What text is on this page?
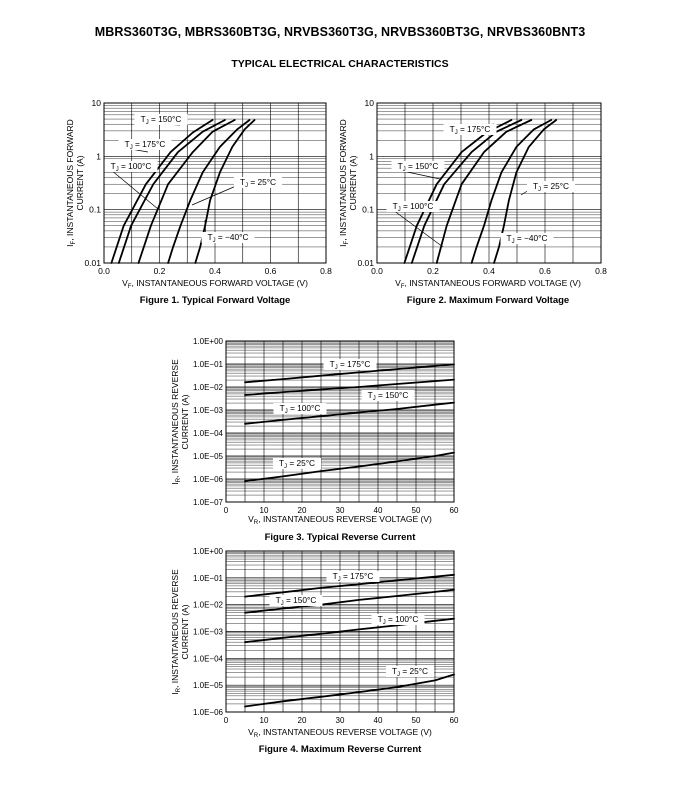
MBRS360T3G, MBRS360BT3G, NRVBS360T3G, NRVBS360BT3G, NRVBS360BNT3
TYPICAL ELECTRICAL CHARACTERISTICS
0.0	0.2	0.4	0.6	0.8
0.01
0.1
1
10
$T_J = 150^\circ C$
$T_J = 175^\circ C$
$T_J = 100^\circ C$
$T_J = 25^\circ C$
$T_J = -40^\circ C$
$V_F$, INSTANTANEOUS FORWARD VOLTAGE (V)
$I_F$, INSTANTANEOUS FORWARD CURRENT (A)
Figure 1. Typical Forward Voltage
0.0	0.2	0.4	0.6	0.8
0.01
0.1
1
10
$T_J = 175^\circ C$
$T_J = 150^\circ C$
$T_J = 25^\circ C$
$T_J = 100^\circ C$
$T_J = -40^\circ C$
$V_F$, INSTANTANEOUS FORWARD VOLTAGE (V)
$I_F$, INSTANTANEOUS FORWARD CURRENT (A)
Figure 2. Maximum Forward Voltage
0	10	20	30	40	50	60
1.0E−07
1.0E−06
1.0E−05
1.0E−04
1.0E−03
1.0E−02
1.0E−01
1.0E+00
$T_J = 175^\circ C$
$T_J = 150^\circ C$
$T_J = 100^\circ C$
$T_J = 25^\circ C$
$V_R$, INSTANTANEOUS REVERSE VOLTAGE (V)
$I_R$, INSTANTANEOUS REVERSE CURRENT (A)
Figure 3. Typical Reverse Current
0	10	20	30	40	50	60
1.0E−06
1.0E−05
1.0E−04
1.0E−03
1.0E−02
1.0E−01
1.0E+00
$T_J = 175^\circ C$
$T_J = 150^\circ C$
$T_J = 100^\circ C$
$T_J = 25^\circ C$
$V_R$, INSTANTANEOUS REVERSE VOLTAGE (V)
$I_R$, INSTANTANEOUS REVERSE CURRENT (A)
Figure 4. Maximum Reverse Current
